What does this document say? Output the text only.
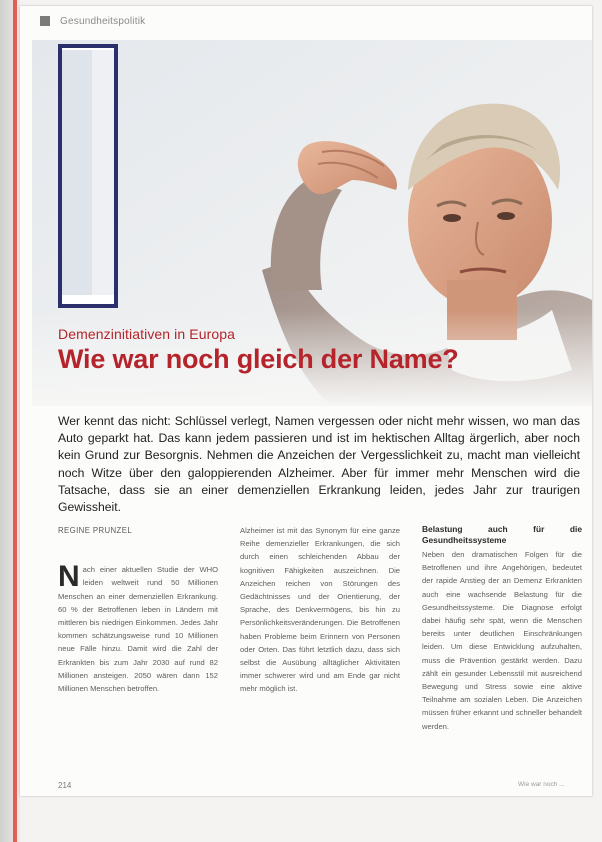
Gesundheitspolitik
Demenzinitiativen in Europa
Wie war noch gleich der Name?
Wer kennt das nicht: Schlüssel verlegt, Namen vergessen oder nicht mehr wissen, wo man das Auto geparkt hat. Das kann jedem passieren und ist im hektischen Alltag ärgerlich, aber noch kein Grund zur Besorgnis. Nehmen die Anzeichen der Vergesslichkeit zu, macht man vielleicht noch Witze über den galoppierenden Alzheimer. Aber für immer mehr Menschen wird die Tatsache, dass sie an einer demenziellen Erkrankung leiden, jedes Jahr zur traurigen Gewissheit.
REGINE PRUNZEL
N ach einer aktuellen Studie der WHO leiden weltweit rund 50 Millionen Menschen an einer demenziellen Erkrankung. 60 % der Betroffenen leben in Ländern mit mittleren bis niedrigen Einkommen. Jedes Jahr kommen schätzungsweise rund 10 Millionen neue Fälle hinzu. Damit wird die Zahl der Erkrankten bis zum Jahr 2030 auf rund 82 Millionen ansteigen. 2050 wären dann 152 Millionen Menschen betroffen.
Alzheimer ist mit das Synonym für eine ganze Reihe demenzieller Erkrankungen, die sich durch einen schleichenden Abbau der kognitiven Fähigkeiten auszeichnen. Die Anzeichen reichen von Störungen des Gedächtnisses und der Orientierung, der Sprache, des Denkvermögens, bis hin zu Persönlichkeitsveränderungen. Die Betroffenen haben Probleme beim Erinnern von Personen oder Orten. Das führt letztlich dazu, dass sich selbst die Ausübung alltäglicher Aktivitäten immer schwerer wird und am Ende gar nicht mehr möglich ist.
Belastung auch für die Gesundheitssysteme
Neben den dramatischen Folgen für die Betroffenen und ihre Angehörigen, bedeutet der rapide Anstieg der an Demenz Erkrankten auch eine wachsende Belastung für die Gesundheitssysteme. Die Diagnose erfolgt dabei häufig sehr spät, wenn die Menschen bereits unter deutlichen Einschränkungen leiden. Um diese Entwicklung aufzuhalten, muss die Prävention gestärkt werden. Dazu zählt ein gesunder Lebensstil mit ausreichend Bewegung und Stress sowie eine aktive Teilnahme am sozialen Leben. Die Anzeichen müssen früher erkannt und schneller behandelt werden.
214	Wie war noch ...
